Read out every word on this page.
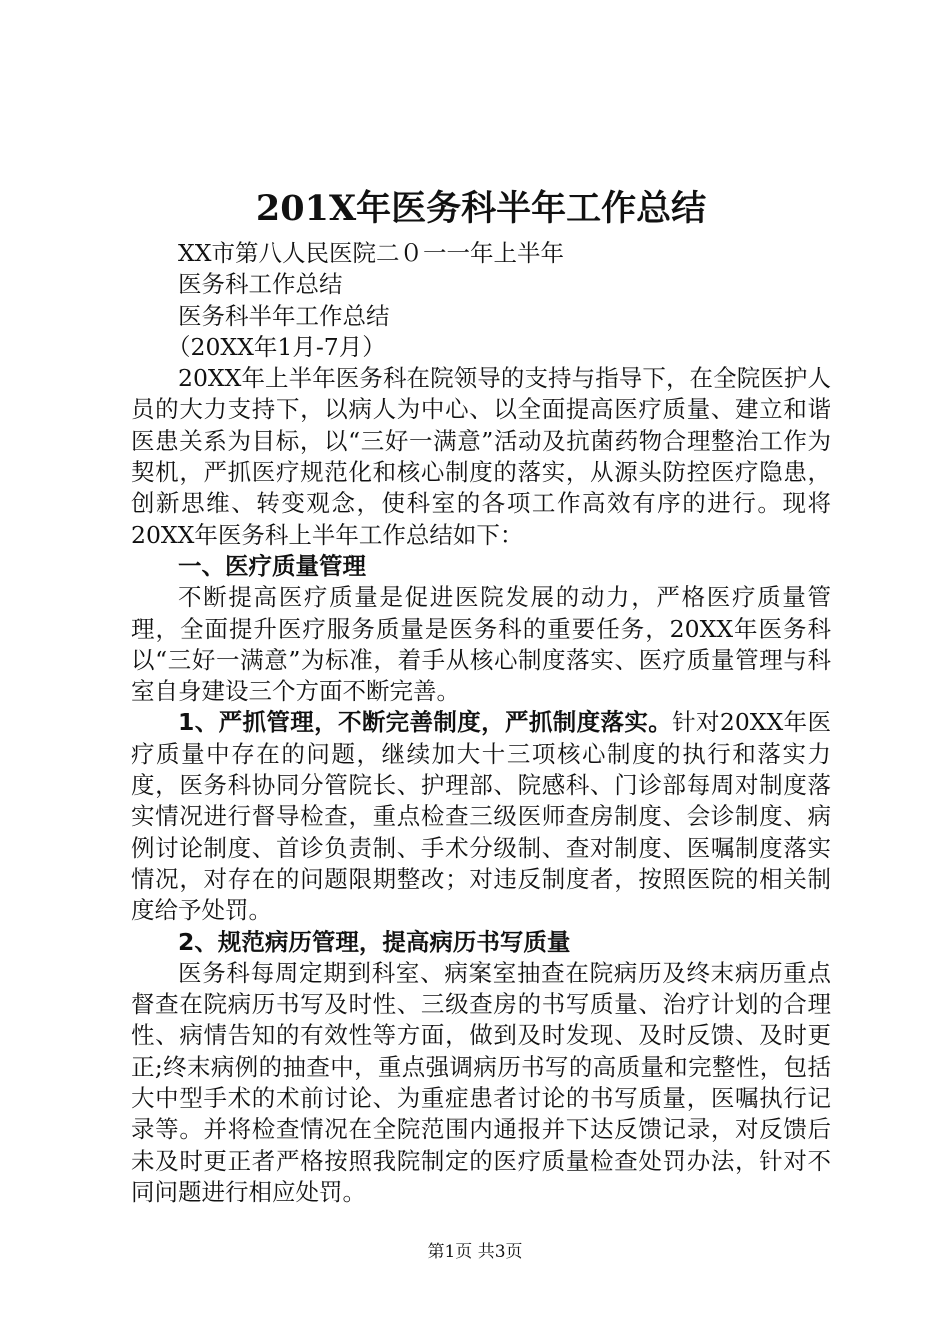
201X年医务科半年工作总结
XX市第八人民医院二０一一年上半年
医务科工作总结
医务科半年工作总结
（20XX年1月-7月）

20XX年上半年医务科在院领导的支持与指导下，在全院医护人员的大力支持下，以病人为中心、以全面提高医疗质量、建立和谐医患关系为目标，以“三好一满意”活动及抗菌药物合理整治工作为契机，严抓医疗规范化和核心制度的落实，从源头防控医疗隐患，创新思维、转变观念，使科室的各项工作高效有序的进行。现将20XX年医务科上半年工作总结如下：

一、医疗质量管理

不断提高医疗质量是促进医院发展的动力，严格医疗质量管理，全面提升医疗服务质量是医务科的重要任务，20XX年医务科以“三好一满意”为标准，着手从核心制度落实、医疗质量管理与科室自身建设三个方面不断完善。

1、严抓管理，不断完善制度，严抓制度落实。针对20XX年医疗质量中存在的问题，继续加大十三项核心制度的执行和落实力度，医务科协同分管院长、护理部、院感科、门诊部每周对制度落实情况进行督导检查，重点检查三级医师查房制度、会诊制度、病例讨论制度、首诊负责制、手术分级制、查对制度、医嘱制度落实情况，对存在的问题限期整改；对违反制度者，按照医院的相关制度给予处罚。

2、规范病历管理，提高病历书写质量

医务科每周定期到科室、病案室抽查在院病历及终末病历重点督查在院病历书写及时性、三级查房的书写质量、治疗计划的合理性、病情告知的有效性等方面，做到及时发现、及时反馈、及时更正;终末病例的抽查中，重点强调病历书写的高质量和完整性，包括大中型手术的术前讨论、为重症患者讨论的书写质量，医嘱执行记录等。并将检查情况在全院范围内通报并下达反馈记录，对反馈后未及时更正者严格按照我院制定的医疗质量检查处罚办法，针对不同问题进行相应处罚。

第1页 共3页
